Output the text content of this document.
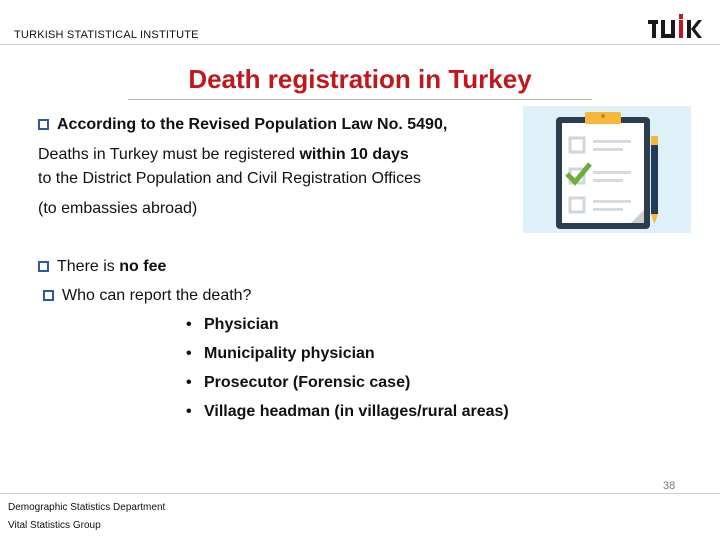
TURKISH STATISTICAL INSTITUTE
Death registration in Turkey
According to the Revised Population Law No. 5490,
Deaths in Turkey must be registered within 10 days
to the District Population and Civil Registration Offices
(to embassies abroad)
There is no fee
Who can report the death?
• Physician
• Municipality physician
• Prosecutor (Forensic case)
• Village headman (in villages/rural areas)
Demographic Statistics Department
Vital Statistics Group
38
